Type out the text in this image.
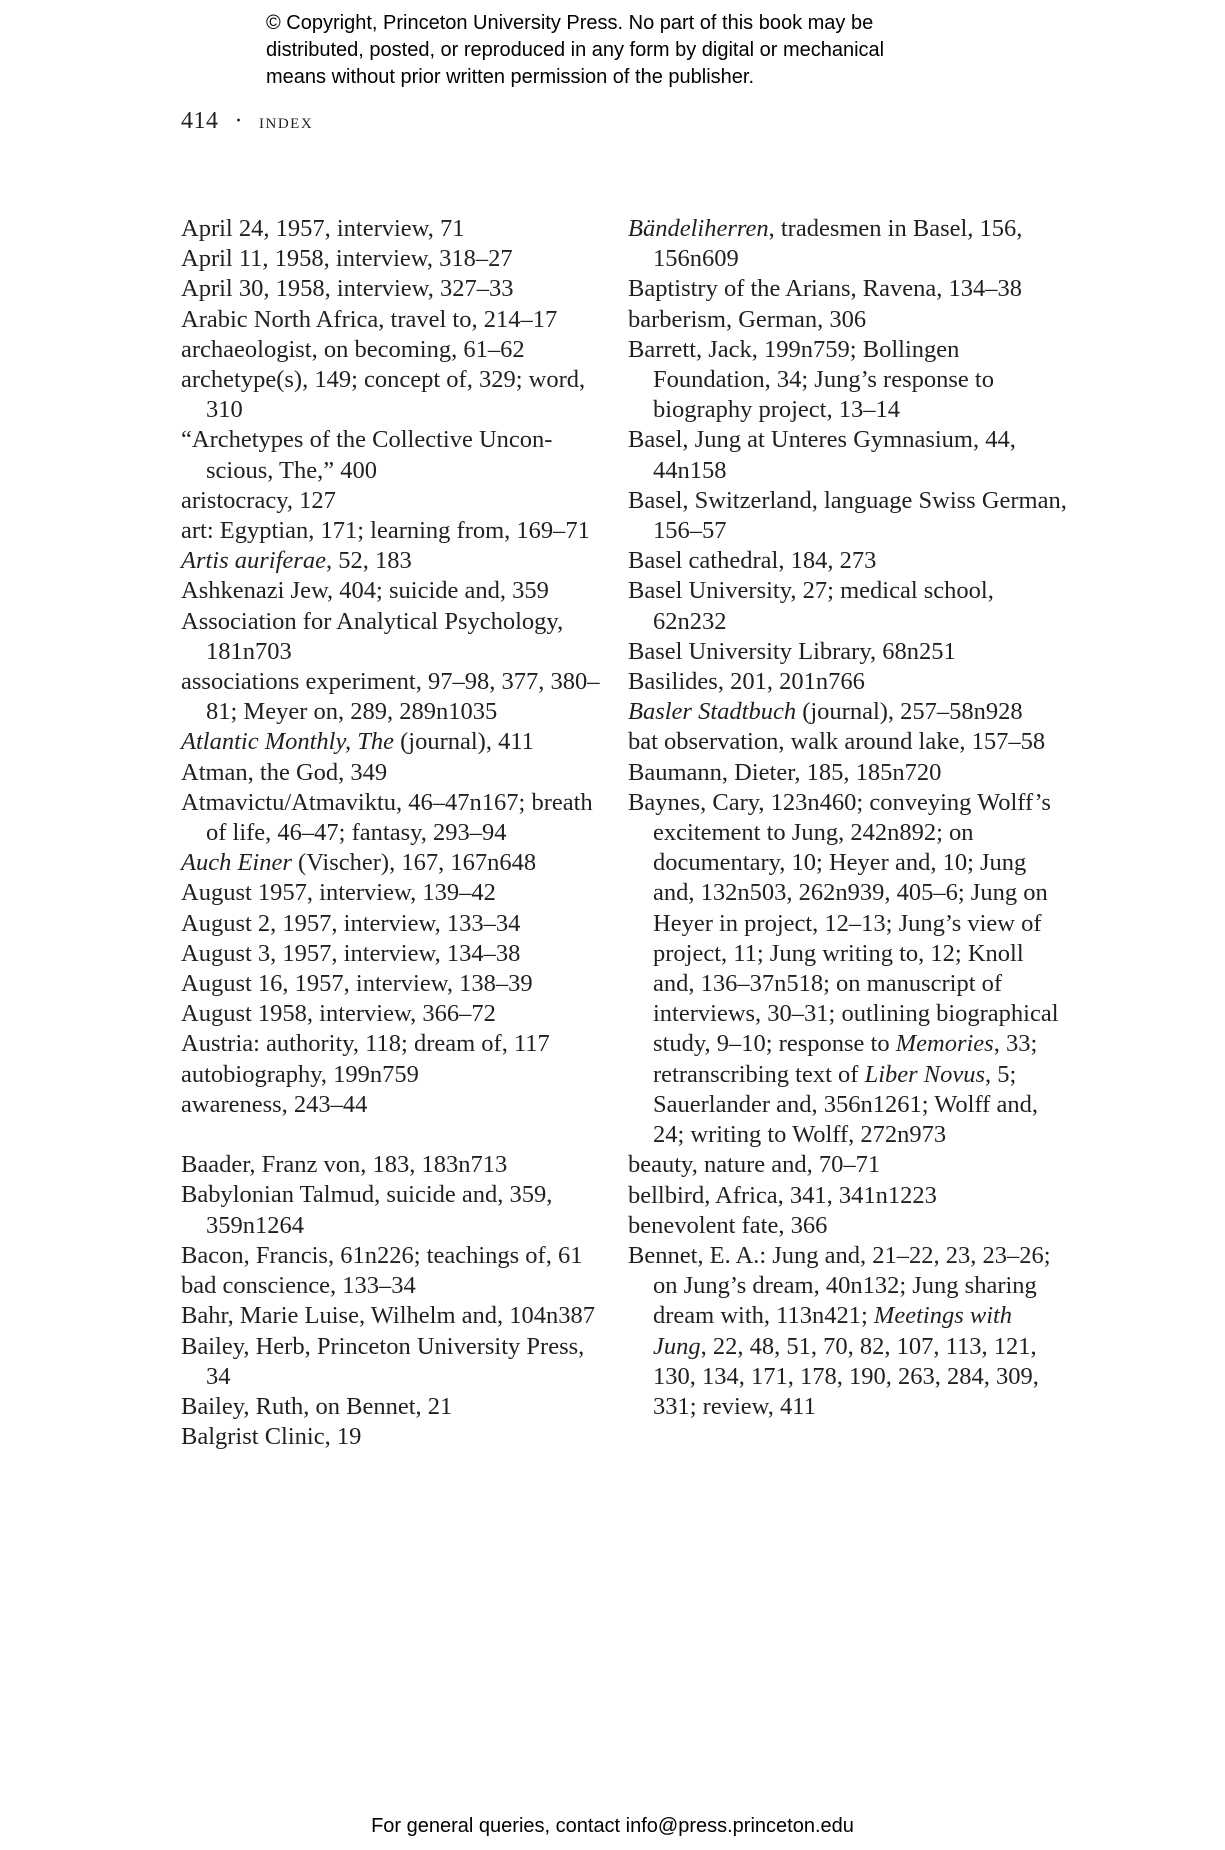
© Copyright, Princeton University Press. No part of this book may be
distributed, posted, or reproduced in any form by digital or mechanical
means without prior written permission of the publisher.
414 · index

April 24, 1957, interview, 71

April 11, 1958, interview, 318–27

April 30, 1958, interview, 327–33

Arabic North Africa, travel to, 214–17

archaeologist, on becoming, 61–62

archetype(s), 149; concept of, 329; word, 310

“Archetypes of the Collective Unconscious, The,” 400

aristocracy, 127

art: Egyptian, 171; learning from, 169–71

Artis auriferae, 52, 183

Ashkenazi Jew, 404; suicide and, 359

Association for Analytical Psychology, 181n703

associations experiment, 97–98, 377, 380–81; Meyer on, 289, 289n1035

Atlantic Monthly, The (journal), 411

Atman, the God, 349

Atmavictu/Atmaviktu, 46–47n167; breath of life, 46–47; fantasy, 293–94

Auch Einer (Vischer), 167, 167n648

August 1957, interview, 139–42

August 2, 1957, interview, 133–34

August 3, 1957, interview, 134–38

August 16, 1957, interview, 138–39

August 1958, interview, 366–72

Austria: authority, 118; dream of, 117

autobiography, 199n759

awareness, 243–44

Baader, Franz von, 183, 183n713

Babylonian Talmud, suicide and, 359, 359n1264

Bacon, Francis, 61n226; teachings of, 61

bad conscience, 133–34

Bahr, Marie Luise, Wilhelm and, 104n387

Bailey, Herb, Princeton University Press, 34

Bailey, Ruth, on Bennet, 21

Balgrist Clinic, 19

Bändeliherren, tradesmen in Basel, 156, 156n609

Baptistry of the Arians, Ravena, 134–38

barberism, German, 306

Barrett, Jack, 199n759; Bollingen Foundation, 34; Jung’s response to biography project, 13–14

Basel, Jung at Unteres Gymnasium, 44, 44n158

Basel, Switzerland, language Swiss German, 156–57

Basel cathedral, 184, 273

Basel University, 27; medical school, 62n232

Basel University Library, 68n251

Basilides, 201, 201n766

Basler Stadtbuch (journal), 257–58n928

bat observation, walk around lake, 157–58

Baumann, Dieter, 185, 185n720

Baynes, Cary, 123n460; conveying Wolff’s excitement to Jung, 242n892; on documentary, 10; Heyer and, 10; Jung and, 132n503, 262n939, 405–6; Jung on Heyer in project, 12–13; Jung’s view of project, 11; Jung writing to, 12; Knoll and, 136–37n518; on manuscript of interviews, 30–31; outlining biographical study, 9–10; response to Memories, 33; retranscribing text of Liber Novus, 5; Sauerlander and, 356n1261; Wolff and, 24; writing to Wolff, 272n973

beauty, nature and, 70–71

bellbird, Africa, 341, 341n1223

benevolent fate, 366

Bennet, E. A.: Jung and, 21–22, 23, 23–26; on Jung’s dream, 40n132; Jung sharing dream with, 113n421; Meetings with Jung, 22, 48, 51, 70, 82, 107, 113, 121, 130, 134, 171, 178, 190, 263, 284, 309, 331; review, 411

For general queries, contact info@press.princeton.edu
